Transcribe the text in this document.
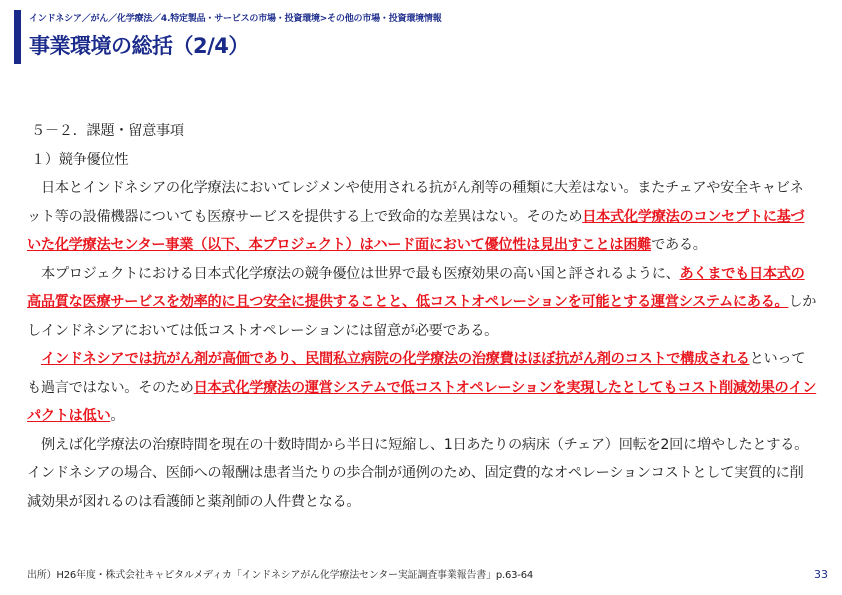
インドネシア／がん／化学療法／4.特定製品・サービスの市場・投資環境>その他の市場・投資環境情報
事業環境の総括（2/4）

５－２．課題・留意事項

１）競争優位性

日本とインドネシアの化学療法においてレジメンや使用される抗がん剤等の種類に大差はない。またチェアや安全キャビネット等の設備機器についても医療サービスを提供する上で致命的な差異はない。そのため日本式化学療法のコンセプトに基づいた化学療法センター事業（以下、本プロジェクト）はハード面において優位性は見出すことは困難である。

本プロジェクトにおける日本式化学療法の競争優位は世界で最も医療効果の高い国と評されるように、あくまでも日本式の高品質な医療サービスを効率的に且つ安全に提供することと、低コストオペレーションを可能とする運営システムにある。しかしインドネシアにおいては低コストオペレーションには留意が必要である。

インドネシアでは抗がん剤が高価であり、民間私立病院の化学療法の治療費はほぼ抗がん剤のコストで構成されるといっても過言ではない。そのため日本式化学療法の運営システムで低コストオペレーションを実現したとしてもコスト削減効果のインパクトは低い。

例えば化学療法の治療時間を現在の十数時間から半日に短縮し、1日あたりの病床（チェア）回転を2回に増やしたとする。インドネシアの場合、医師への報酬は患者当たりの歩合制が通例のため、固定費的なオペレーションコストとして実質的に削減効果が図れるのは看護師と薬剤師の人件費となる。

出所）H26年度・株式会社キャピタルメディカ「インドネシアがん化学療法センター実証調査事業報告書」p.63-64	33
